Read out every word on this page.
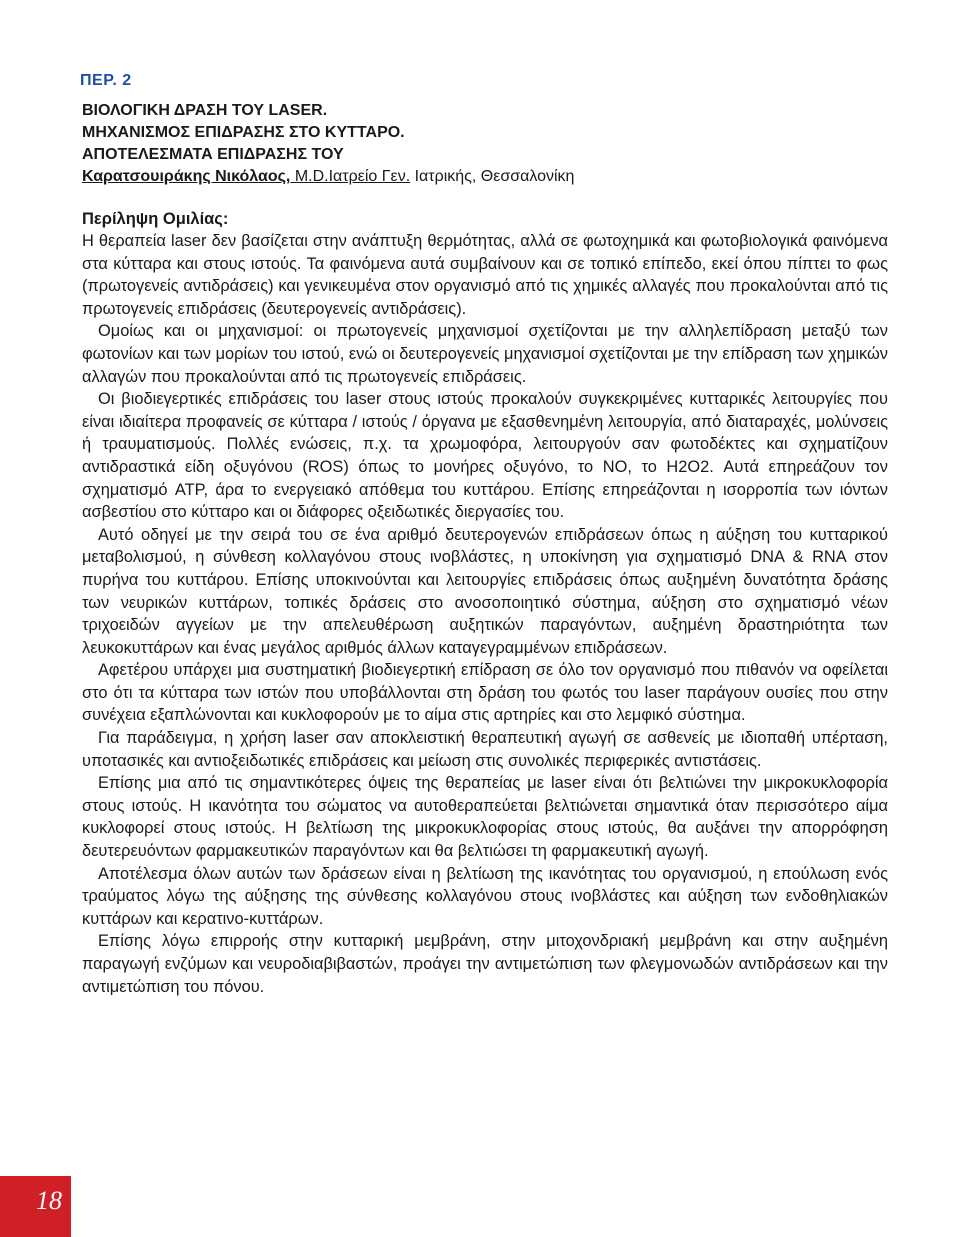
ΠΕΡ. 2
ΒΙΟΛΟΓΙΚΗ ΔΡΑΣΗ ΤΟΥ LASER.
ΜΗΧΑΝΙΣΜΟΣ ΕΠΙΔΡΑΣΗΣ ΣΤΟ ΚΥΤΤΑΡΟ.
ΑΠΟΤΕΛΕΣΜΑΤΑ ΕΠΙΔΡΑΣΗΣ ΤΟΥ
Καρατσουιράκης Νικόλαος, M.D.Ιατρείο Γεν. Ιατρικής, Θεσσαλονίκη
Περίληψη Ομιλίας:

Η θεραπεία laser δεν βασίζεται στην ανάπτυξη θερμότητας, αλλά σε φωτοχημικά και φωτοβιολογικά φαινόμενα στα κύτταρα και στους ιστούς. Τα φαινόμενα αυτά συμβαίνουν και σε τοπικό επίπεδο, εκεί όπου πίπτει το φως (πρωτογενείς αντιδράσεις) και γενικευμένα στον οργανισμό από τις χημικές αλλαγές που προκαλούνται από τις πρωτογενείς επιδράσεις (δευτερογενείς αντιδράσεις).

Ομοίως και οι μηχανισμοί: οι πρωτογενείς μηχανισμοί σχετίζονται με την αλληλεπίδραση μεταξύ των φωτονίων και των μορίων του ιστού, ενώ οι δευτερογενείς μηχανισμοί σχετίζονται με την επίδραση των χημικών αλλαγών που προκαλούνται από τις πρωτογενείς επιδράσεις.

Οι βιοδιεγερτικές επιδράσεις του laser στους ιστούς προκαλούν συγκεκριμένες κυτταρικές λειτουργίες που είναι ιδιαίτερα προφανείς σε κύτταρα / ιστούς / όργανα με εξασθενημένη λειτουργία, από διαταραχές, μολύνσεις ή τραυματισμούς. Πολλές ενώσεις, π.χ. τα χρωμοφόρα, λειτουργούν σαν φωτοδέκτες και σχηματίζουν αντιδραστικά είδη οξυγόνου (ROS) όπως το μονήρες οξυγόνο, το NO, το H2O2. Αυτά επηρεάζουν τον σχηματισμό ATP, άρα το ενεργειακό απόθεμα του κυττάρου. Επίσης επηρεάζονται η ισορροπία των ιόντων ασβεστίου στο κύτταρο και οι διάφορες οξειδωτικές διεργασίες του.

Αυτό οδηγεί με την σειρά του σε ένα αριθμό δευτερογενών επιδράσεων όπως η αύξηση του κυτταρικού μεταβολισμού, η σύνθεση κολλαγόνου στους ινοβλάστες, η υποκίνηση για σχηματισμό DNA & RNA στον πυρήνα του κυττάρου. Επίσης υποκινούνται και λειτουργίες επιδράσεις όπως αυξημένη δυνατότητα δράσης των νευρικών κυττάρων, τοπικές δράσεις στο ανοσοποιητικό σύστημα, αύξηση στο σχηματισμό νέων τριχοειδών αγγείων με την απελευθέρωση αυξητικών παραγόντων, αυξημένη δραστηριότητα των λευκοκυττάρων και ένας μεγάλος αριθμός άλλων καταγεγραμμένων επιδράσεων.

Αφετέρου υπάρχει μια συστηματική βιοδιεγερτική επίδραση σε όλο τον οργανισμό που πιθανόν να οφείλεται στο ότι τα κύτταρα των ιστών που υποβάλλονται στη δράση του φωτός του laser παράγουν ουσίες που στην συνέχεια εξαπλώνονται και κυκλοφορούν με το αίμα στις αρτηρίες και στο λεμφικό σύστημα.

Για παράδειγμα, η χρήση laser σαν αποκλειστική θεραπευτική αγωγή σε ασθενείς με ιδιοπαθή υπέρταση, υποτασικές και αντιοξειδωτικές επιδράσεις και μείωση στις συνολικές περιφερικές αντιστάσεις.

Επίσης μια από τις σημαντικότερες όψεις της θεραπείας με laser είναι ότι βελτιώνει την μικροκυκλοφορία στους ιστούς. Η ικανότητα του σώματος να αυτοθεραπεύεται βελτιώνεται σημαντικά όταν περισσότερο αίμα κυκλοφορεί στους ιστούς. Η βελτίωση της μικροκυκλοφορίας στους ιστούς, θα αυξάνει την απορρόφηση δευτερευόντων φαρμακευτικών παραγόντων και θα βελτιώσει τη φαρμακευτική αγωγή.

Αποτέλεσμα όλων αυτών των δράσεων είναι η βελτίωση της ικανότητας του οργανισμού, η επούλωση ενός τραύματος λόγω της αύξησης της σύνθεσης κολλαγόνου στους ινοβλάστες και αύξηση των ενδοθηλιακών κυττάρων και κερατινο-κυττάρων.

Επίσης λόγω επιρροής στην κυτταρική μεμβράνη, στην μιτοχονδριακή μεμβράνη και στην αυξημένη παραγωγή ενζύμων και νευροδιαβιβαστών, προάγει την αντιμετώπιση των φλεγμονωδών αντιδράσεων και την αντιμετώπιση του πόνου.

18
